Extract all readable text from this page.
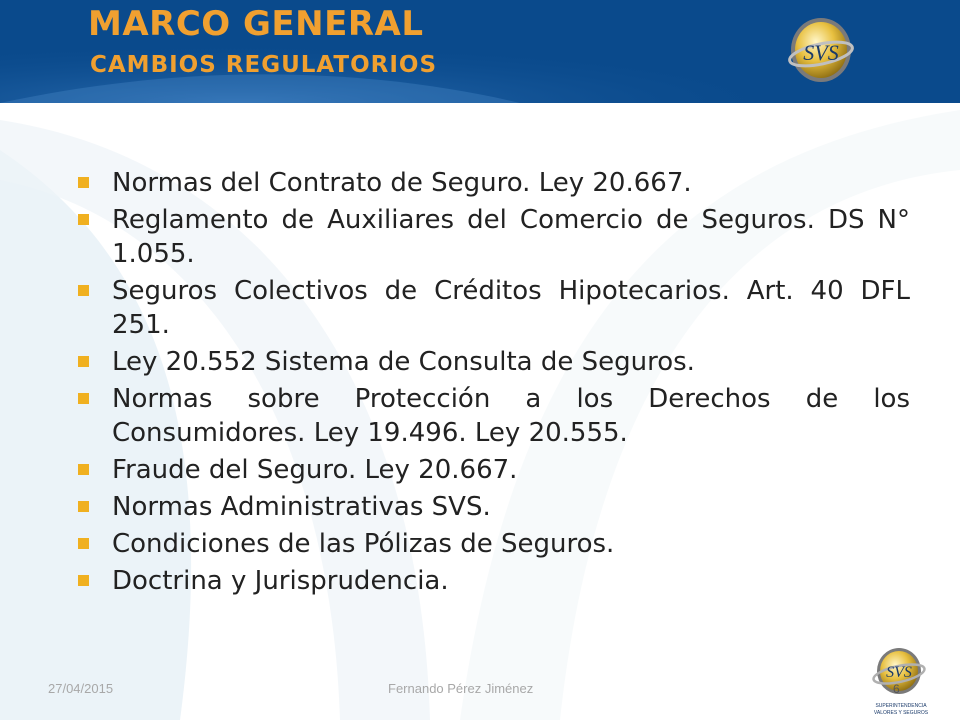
MARCO GENERAL
CAMBIOS REGULATORIOS	SVS
Normas del Contrato de Seguro. Ley 20.667.
Reglamento de Auxiliares del Comercio de Seguros. DS N° 1.055.
Seguros Colectivos de Créditos Hipotecarios. Art. 40 DFL 251.
Ley 20.552 Sistema de Consulta de Seguros.
Normas sobre Protección a los Derechos de los Consumidores. Ley 19.496. Ley 20.555.
Fraude del Seguro. Ley 20.667.
Normas Administrativas SVS.
Condiciones de las Pólizas de Seguros.
Doctrina y Jurisprudencia.
27/04/2015	Fernando Pérez Jiménez
SVS
SUPERINTENDENCIA
VALORES Y SEGUROS
6
